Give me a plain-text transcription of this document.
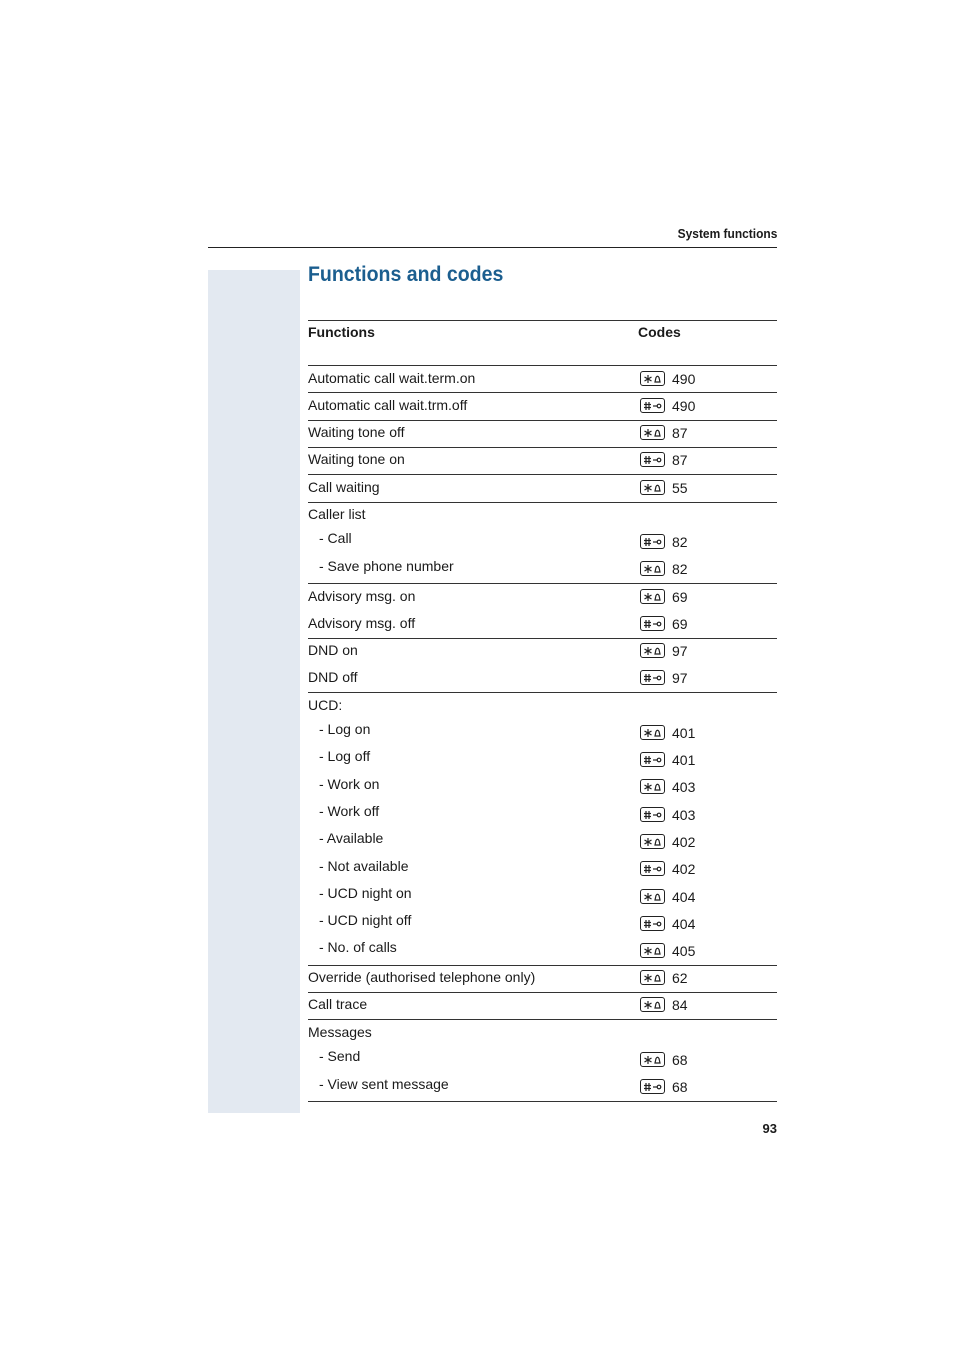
System functions
Functions and codes
Functions	Codes
Automatic call wait.term.on	490
Automatic call wait.trm.off	490
Waiting tone off	87
Waiting tone on	87
Call waiting	55
Caller list
- Call	82
- Save phone number	82
Advisory msg. on	69
Advisory msg. off	69
DND on	97
DND off	97
UCD:
- Log on	401
- Log off	401
- Work on	403
- Work off	403
- Available	402
- Not available	402
- UCD night on	404
- UCD night off	404
- No. of calls	405
Override (authorised telephone only)	62
Call trace	84
Messages
- Send	68
- View sent message	68
93
